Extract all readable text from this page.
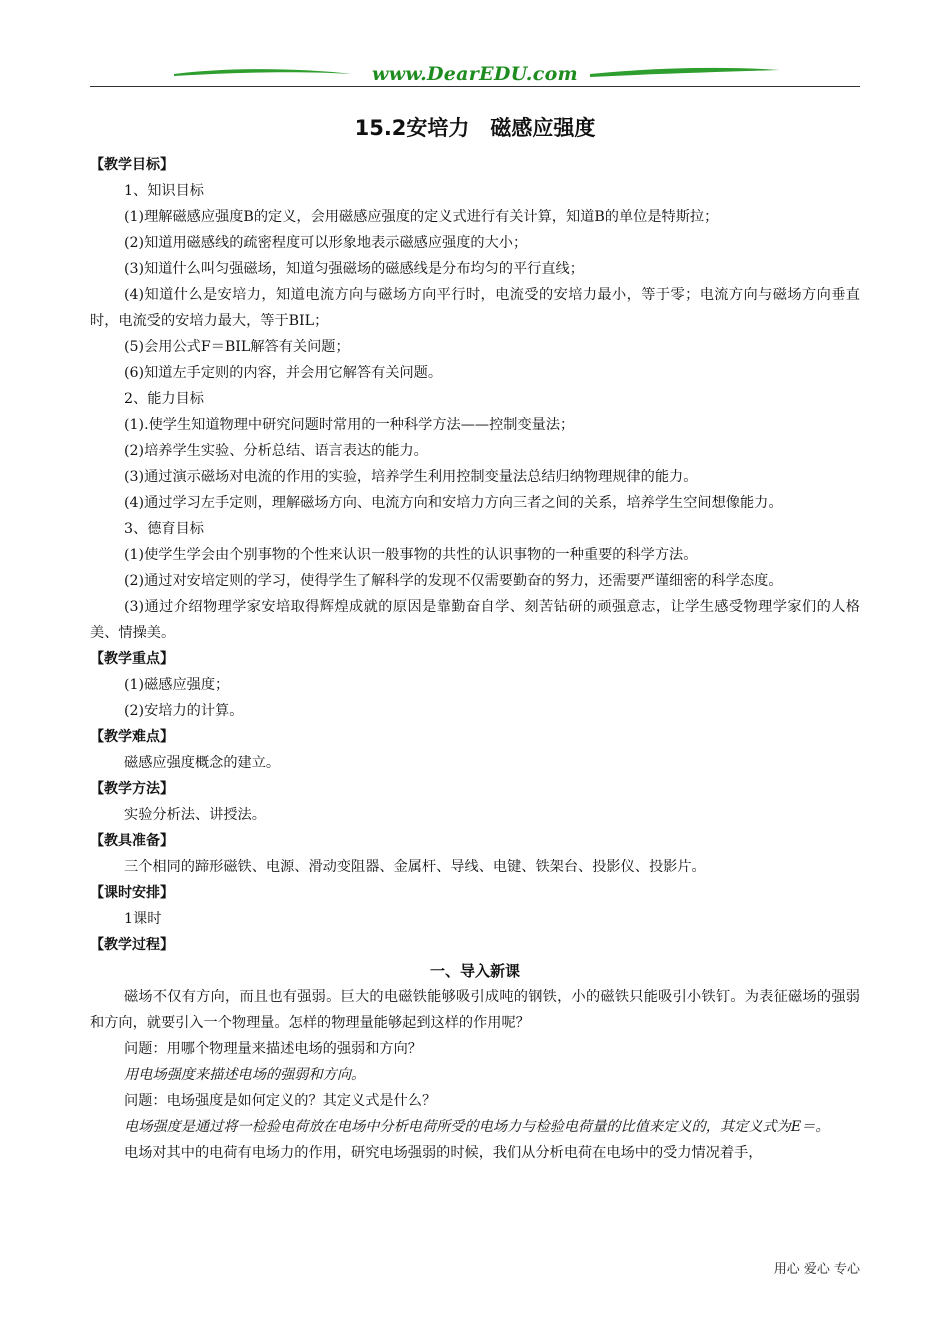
www.DearEDU.com
15.2安培力　磁感应强度

【教学目标】

1、知识目标

(1)理解磁感应强度B的定义，会用磁感应强度的定义式进行有关计算，知道B的单位是特斯拉；

(2)知道用磁感线的疏密程度可以形象地表示磁感应强度的大小；

(3)知道什么叫匀强磁场，知道匀强磁场的磁感线是分布均匀的平行直线；

(4)知道什么是安培力，知道电流方向与磁场方向平行时，电流受的安培力最小，等于零；电流方向与磁场方向垂直时，电流受的安培力最大，等于BIL；

(5)会用公式F＝BIL解答有关问题；

(6)知道左手定则的内容，并会用它解答有关问题。

2、能力目标

(1).使学生知道物理中研究问题时常用的一种科学方法——控制变量法；

(2)培养学生实验、分析总结、语言表达的能力。

(3)通过演示磁场对电流的作用的实验，培养学生利用控制变量法总结归纳物理规律的能力。

(4)通过学习左手定则，理解磁场方向、电流方向和安培力方向三者之间的关系，培养学生空间想像能力。

3、德育目标

(1)使学生学会由个别事物的个性来认识一般事物的共性的认识事物的一种重要的科学方法。

(2)通过对安培定则的学习，使得学生了解科学的发现不仅需要勤奋的努力，还需要严谨细密的科学态度。

(3)通过介绍物理学家安培取得辉煌成就的原因是靠勤奋自学、刻苦钻研的顽强意志，让学生感受物理学家们的人格美、情操美。

【教学重点】

(1)磁感应强度；

(2)安培力的计算。

【教学难点】

磁感应强度概念的建立。

【教学方法】

实验分析法、讲授法。

【教具准备】

三个相同的蹄形磁铁、电源、滑动变阻器、金属杆、导线、电键、铁架台、投影仪、投影片。

【课时安排】

1课时

【教学过程】

一、导入新课

磁场不仅有方向，而且也有强弱。巨大的电磁铁能够吸引成吨的钢铁，小的磁铁只能吸引小铁钉。为表征磁场的强弱和方向，就要引入一个物理量。怎样的物理量能够起到这样的作用呢？

问题：用哪个物理量来描述电场的强弱和方向？

用电场强度来描述电场的强弱和方向。

问题：电场强度是如何定义的？其定义式是什么？

电场强度是通过将一检验电荷放在电场中分析电荷所受的电场力与检验电荷量的比值来定义的，其定义式为E＝。

电场对其中的电荷有电场力的作用，研究电场强弱的时候，我们从分析电荷在电场中的受力情况着手，

用心 爱心 专心
